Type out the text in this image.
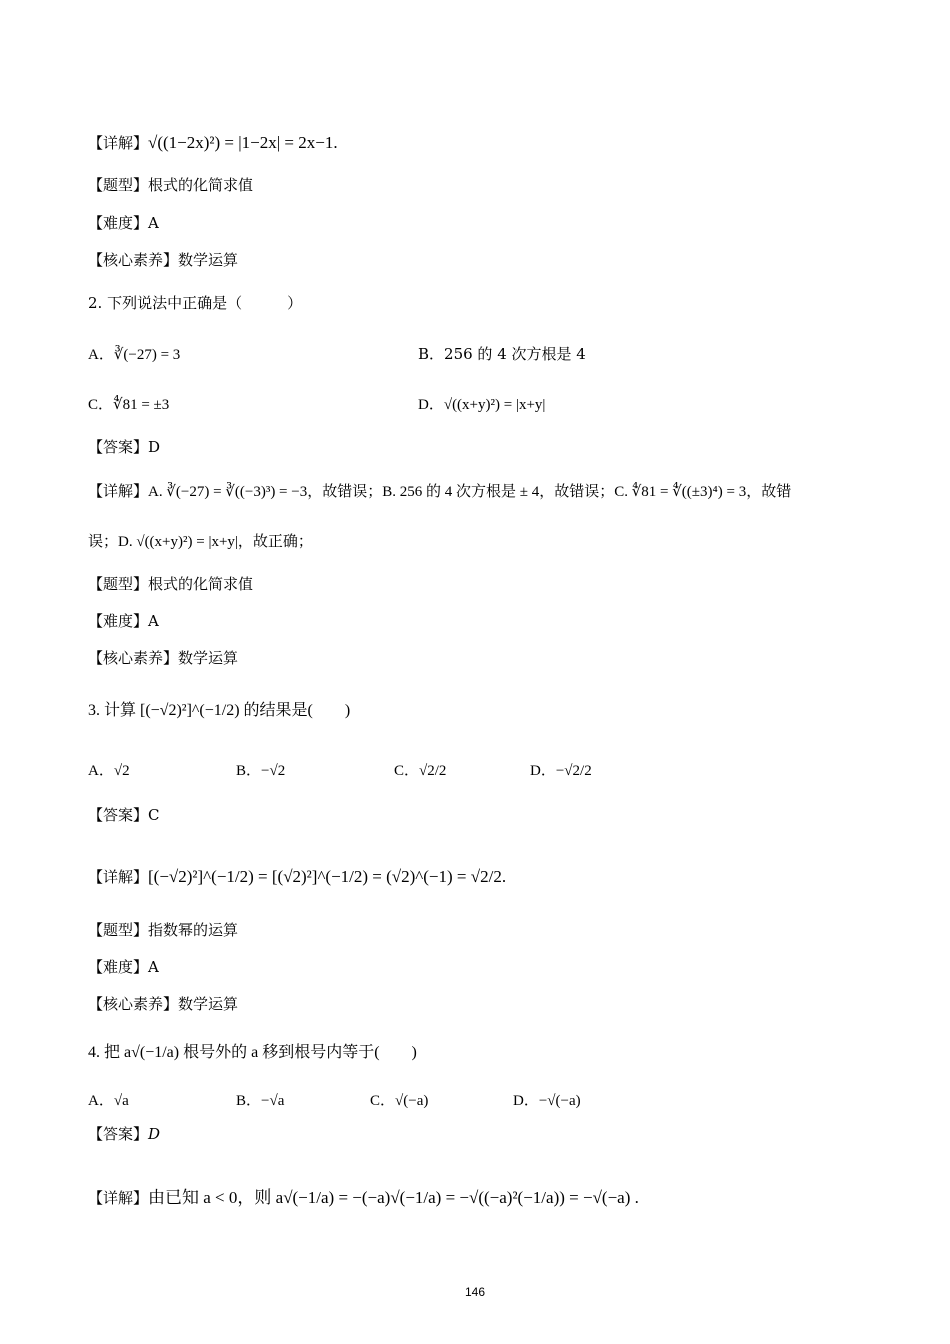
【详解】√((1−2x)²) = |1−2x| = 2x−1.
【题型】根式的化简求值
【难度】A
【核心素养】数学运算
2. 下列说法中正确是（　　　）
A．∛(−27) = 3	B．256 的 4 次方根是 4
C．∜81 = ±3	D．√((x+y)²) = |x+y|
【答案】D
【详解】A. ∛(−27) = ∛((−3)³) = −3，故错误；B. 256 的 4 次方根是 ± 4，故错误；C. ∜81 = ∜((±3)⁴) = 3，故错
误；D. √((x+y)²) = |x+y|，故正确；
【题型】根式的化简求值
【难度】A
【核心素养】数学运算
3. 计算 [(−√2)²]^(−1/2) 的结果是(　　)
A．√2	B．−√2	C．√2/2	D．−√2/2
【答案】C
【详解】[(−√2)²]^(−1/2) = [(√2)²]^(−1/2) = (√2)^(−1) = √2/2.
【题型】指数幂的运算
【难度】A
【核心素养】数学运算
4. 把 a√(−1/a) 根号外的 a 移到根号内等于(　　)
A．√a	B．−√a	C．√(−a)	D．−√(−a)
【答案】D
【详解】由已知 a < 0，则 a√(−1/a) = −(−a)√(−1/a) = −√((−a)²(−1/a)) = −√(−a) .
146
